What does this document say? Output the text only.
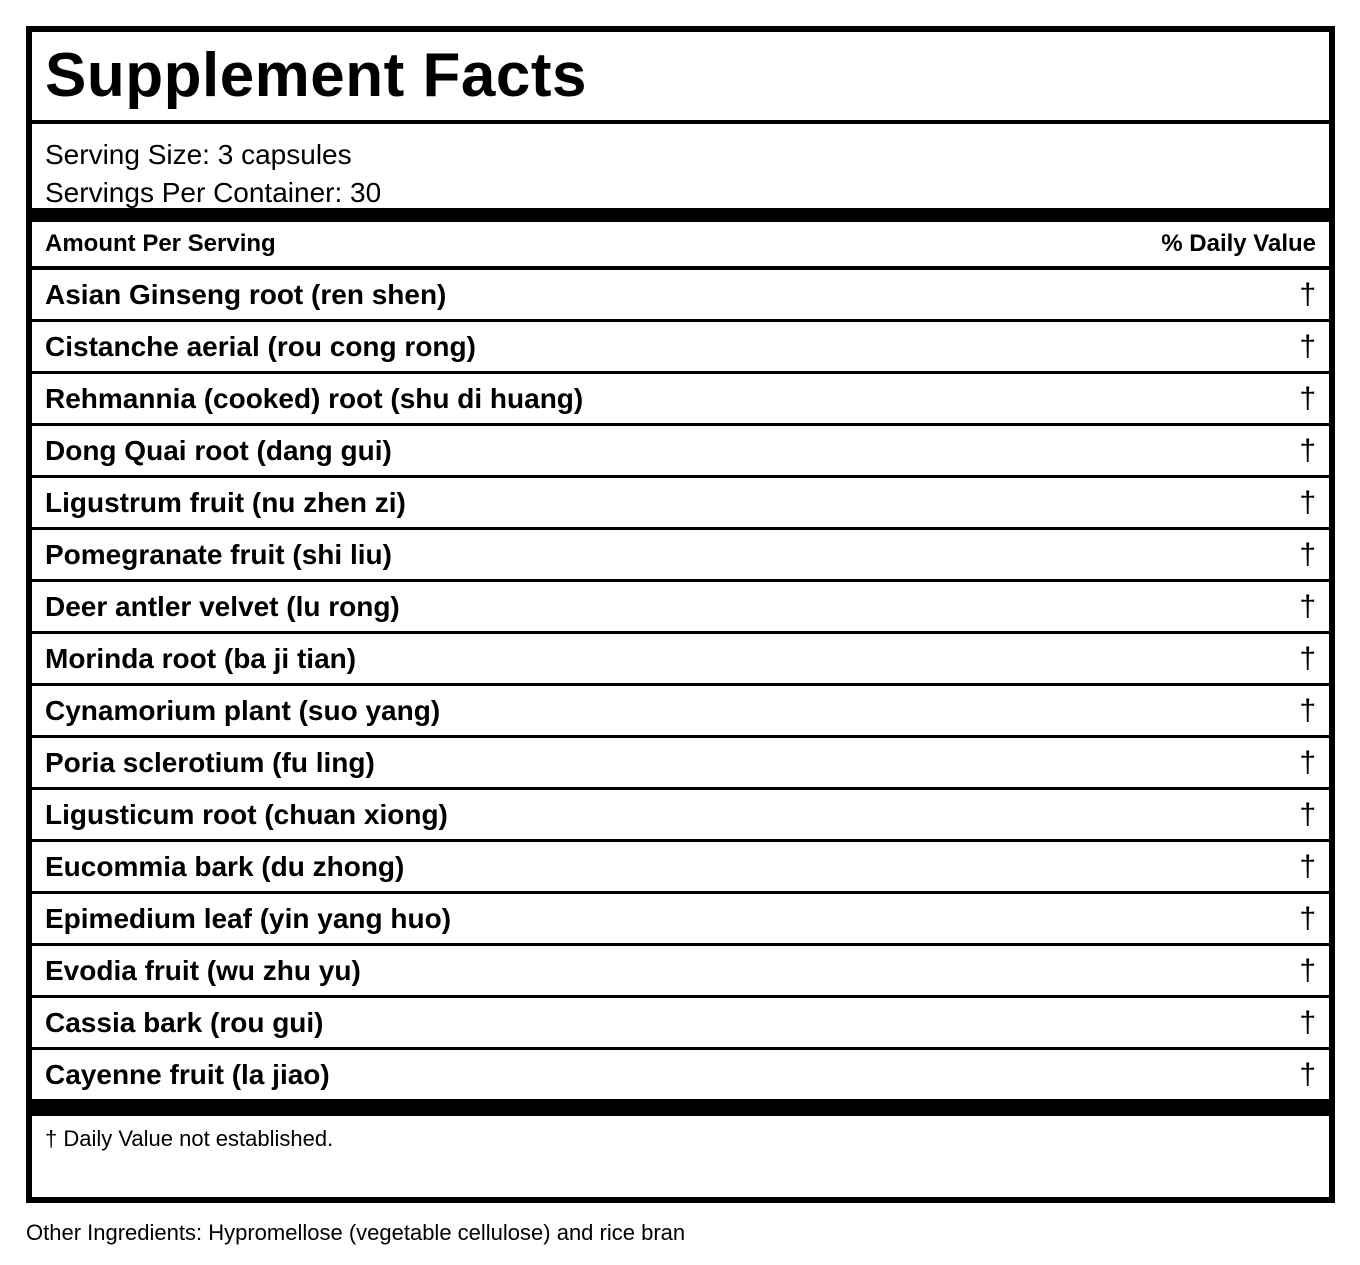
Supplement Facts
Serving Size: 3 capsules
Servings Per Container: 30
Amount Per Serving	% Daily Value
Asian Ginseng root (ren shen)	†
Cistanche aerial (rou cong rong)	†
Rehmannia (cooked) root (shu di huang)	†
Dong Quai root (dang gui)	†
Ligustrum fruit (nu zhen zi)	†
Pomegranate fruit (shi liu)	†
Deer antler velvet (lu rong)	†
Morinda root (ba ji tian)	†
Cynamorium plant (suo yang)	†
Poria sclerotium (fu ling)	†
Ligusticum root (chuan xiong)	†
Eucommia bark (du zhong)	†
Epimedium leaf (yin yang huo)	†
Evodia fruit (wu zhu yu)	†
Cassia bark (rou gui)	†
Cayenne fruit (la jiao)	†
† Daily Value not established.
Other Ingredients: Hypromellose (vegetable cellulose) and rice bran
